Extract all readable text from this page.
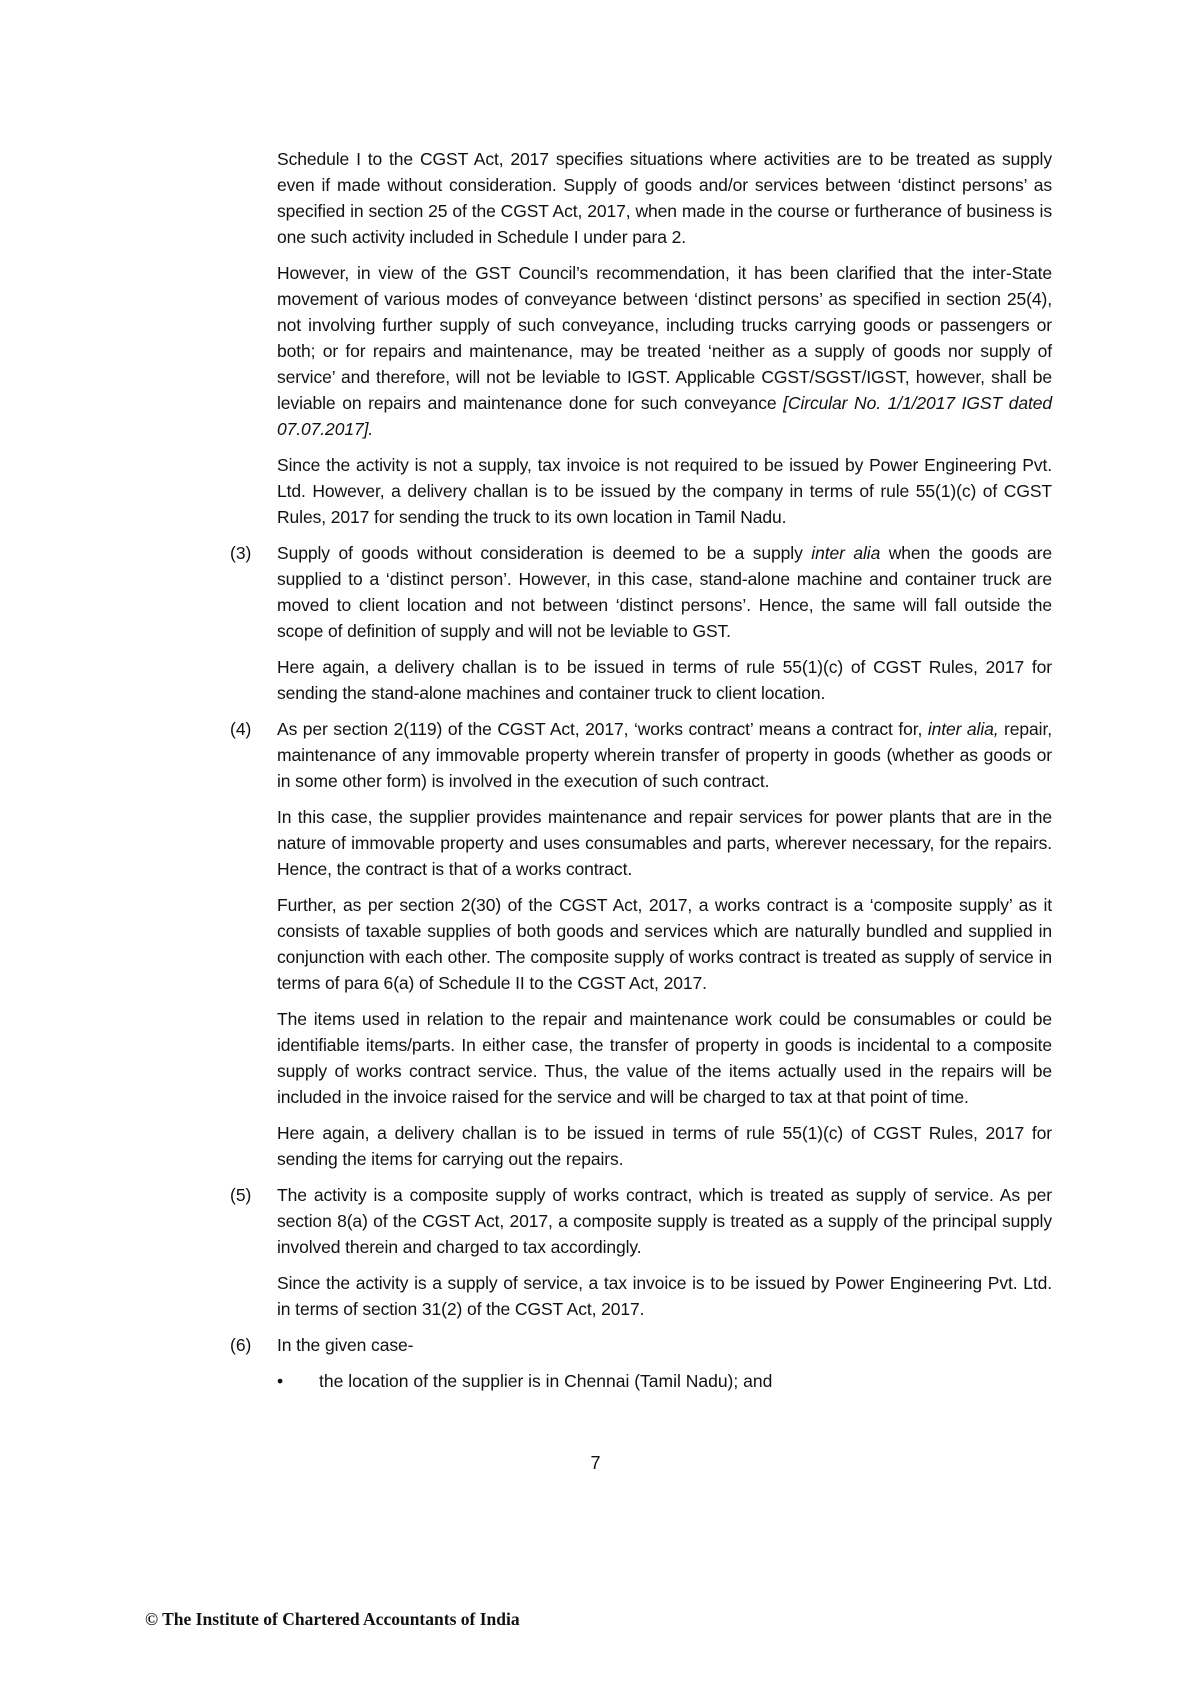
Schedule I to the CGST Act, 2017 specifies situations where activities are to be treated as supply even if made without consideration. Supply of goods and/or services between ‘distinct persons’ as specified in section 25 of the CGST Act, 2017, when made in the course or furtherance of business is one such activity included in Schedule I under para 2.

However, in view of the GST Council’s recommendation, it has been clarified that the inter-State movement of various modes of conveyance between ‘distinct persons’ as specified in section 25(4), not involving further supply of such conveyance, including trucks carrying goods or passengers or both; or for repairs and maintenance, may be treated ‘neither as a supply of goods nor supply of service’ and therefore, will not be leviable to IGST. Applicable CGST/SGST/IGST, however, shall be leviable on repairs and maintenance done for such conveyance [Circular No. 1/1/2017 IGST dated 07.07.2017].

Since the activity is not a supply, tax invoice is not required to be issued by Power Engineering Pvt. Ltd. However, a delivery challan is to be issued by the company in terms of rule 55(1)(c) of CGST Rules, 2017 for sending the truck to its own location in Tamil Nadu.

(3)	Supply of goods without consideration is deemed to be a supply inter alia when the goods are supplied to a ‘distinct person’. However, in this case, stand-alone machine and container truck are moved to client location and not between ‘distinct persons’. Hence, the same will fall outside the scope of definition of supply and will not be leviable to GST.

Here again, a delivery challan is to be issued in terms of rule 55(1)(c) of CGST Rules, 2017 for sending the stand-alone machines and container truck to client location.

(4)	As per section 2(119) of the CGST Act, 2017, ‘works contract’ means a contract for, inter alia, repair, maintenance of any immovable property wherein transfer of property in goods (whether as goods or in some other form) is involved in the execution of such contract.

In this case, the supplier provides maintenance and repair services for power plants that are in the nature of immovable property and uses consumables and parts, wherever necessary, for the repairs. Hence, the contract is that of a works contract.

Further, as per section 2(30) of the CGST Act, 2017, a works contract is a ‘composite supply’ as it consists of taxable supplies of both goods and services which are naturally bundled and supplied in conjunction with each other. The composite supply of works contract is treated as supply of service in terms of para 6(a) of Schedule II to the CGST Act, 2017.

The items used in relation to the repair and maintenance work could be consumables or could be identifiable items/parts. In either case, the transfer of property in goods is incidental to a composite supply of works contract service. Thus, the value of the items actually used in the repairs will be included in the invoice raised for the service and will be charged to tax at that point of time.

Here again, a delivery challan is to be issued in terms of rule 55(1)(c) of CGST Rules, 2017 for sending the items for carrying out the repairs.

(5)	The activity is a composite supply of works contract, which is treated as supply of service. As per section 8(a) of the CGST Act, 2017, a composite supply is treated as a supply of the principal supply involved therein and charged to tax accordingly.

Since the activity is a supply of service, a tax invoice is to be issued by Power Engineering Pvt. Ltd. in terms of section 31(2) of the CGST Act, 2017.

(6)	In the given case-

•	the location of the supplier is in Chennai (Tamil Nadu); and
7
© The Institute of Chartered Accountants of India
